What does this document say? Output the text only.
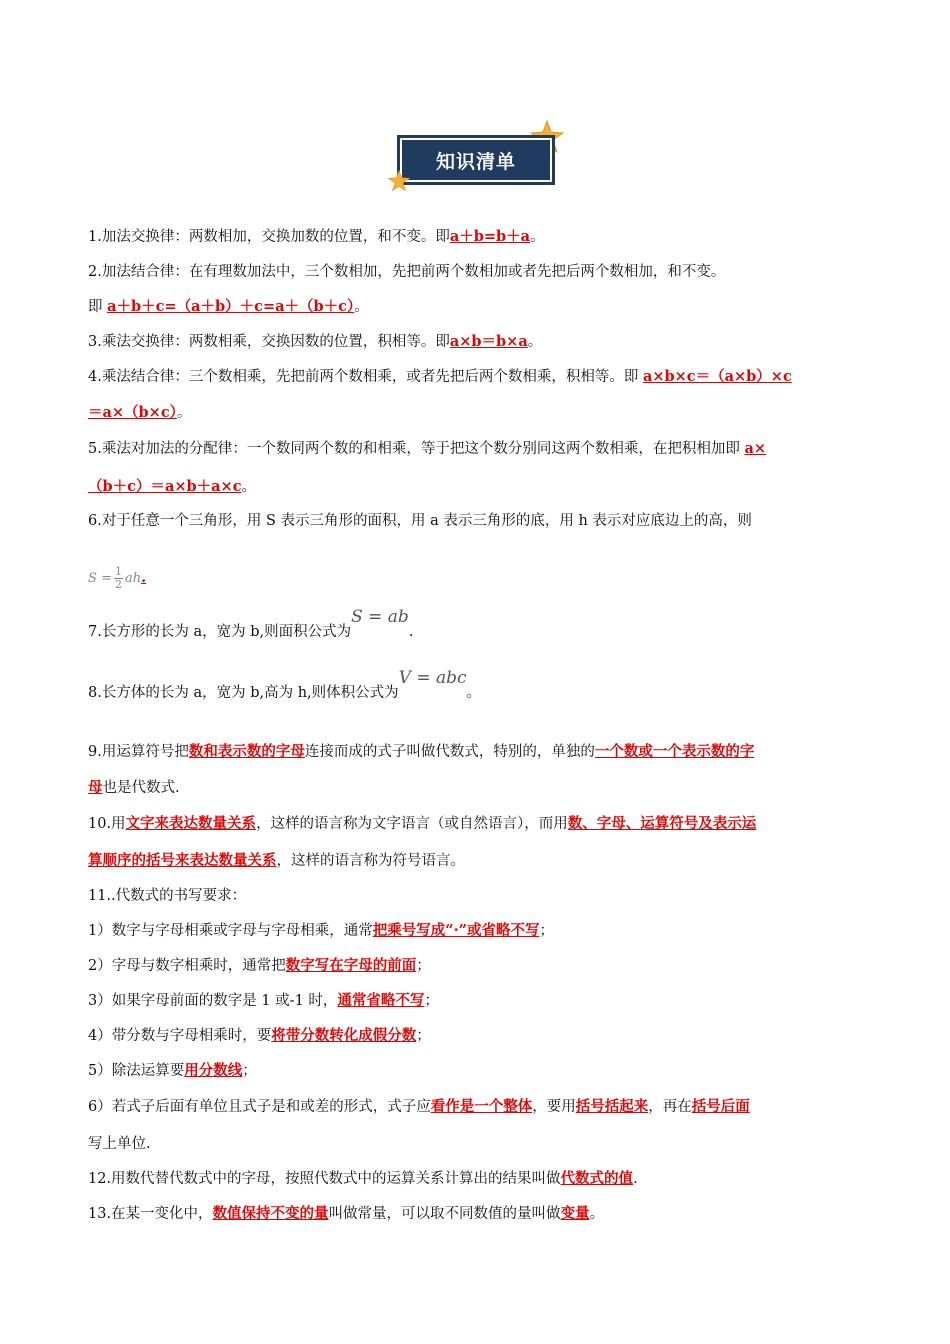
知识清单
1.加法交换律：两数相加，交换加数的位置，和不变。即a＋b=b＋a。
2.加法结合律：在有理数加法中，三个数相加，先把前两个数相加或者先把后两个数相加，和不变。
即 a＋b＋c=（a＋b）＋c=a＋（b＋c）。
3.乘法交换律：两数相乘，交换因数的位置，积相等。即a×b＝b×a。
4.乘法结合律：三个数相乘，先把前两个数相乘，或者先把后两个数相乘，积相等。即 a×b×c＝（a×b）×c
＝a×（b×c）。
5.乘法对加法的分配律：一个数同两个数的和相乘，等于把这个数分别同这两个数相乘，在把积相加即 a×
（b＋c）＝a×b＋a×c。
6.对于任意一个三角形，用 S 表示三角形的面积，用 a 表示三角形的底，用 h 表示对应底边上的高，则
$S = \frac{1}{2}$ ah.
7.长方形的长为 a，宽为 b,则面积公式为S = ab.
8.长方体的长为 a，宽为 b,高为 h,则体积公式为V = abc。
9.用运算符号把数和表示数的字母连接而成的式子叫做代数式，特别的，单独的一个数或一个表示数的字
母也是代数式.
10.用文字来表达数量关系，这样的语言称为文字语言（或自然语言），而用数、字母、运算符号及表示运
算顺序的括号来表达数量关系，这样的语言称为符号语言。
11..代数式的书写要求：
1）数字与字母相乘或字母与字母相乘，通常把乘号写成“·”或省略不写；
2）字母与数字相乘时，通常把数字写在字母的前面；
3）如果字母前面的数字是 1 或-1 时，通常省略不写；
4）带分数与字母相乘时，要将带分数转化成假分数；
5）除法运算要用分数线；
6）若式子后面有单位且式子是和或差的形式，式子应看作是一个整体，要用括号括起来，再在括号后面
写上单位.
12.用数代替代数式中的字母，按照代数式中的运算关系计算出的结果叫做代数式的值.
13.在某一变化中，数值保持不变的量叫做常量，可以取不同数值的量叫做变量。
